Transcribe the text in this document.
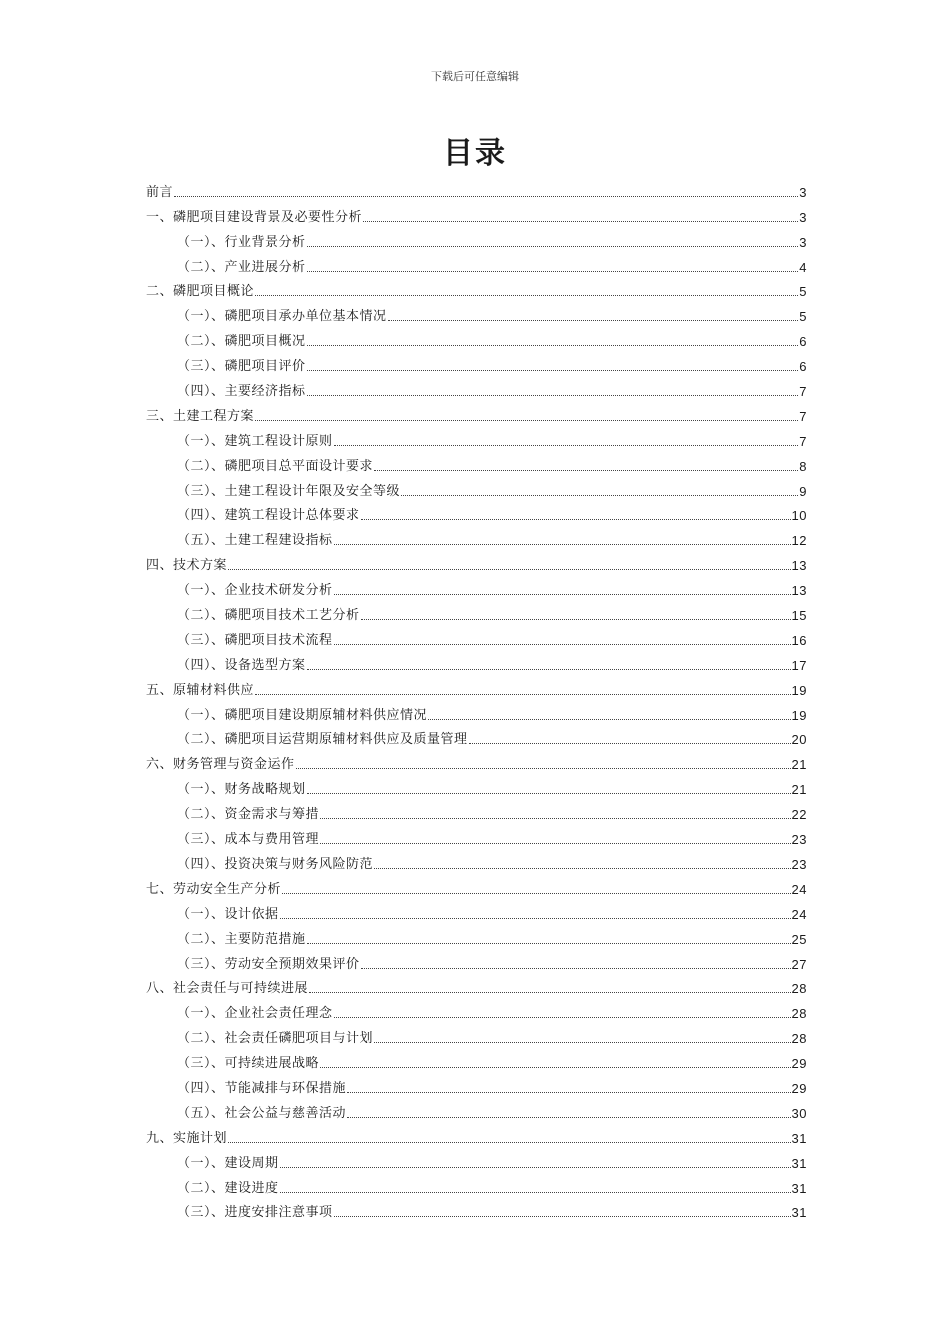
下载后可任意编辑
目录
前言	3
一、磷肥项目建设背景及必要性分析	3
（一）、行业背景分析	3
（二）、产业进展分析	4
二、磷肥项目概论	5
（一）、磷肥项目承办单位基本情况	5
（二）、磷肥项目概况	6
（三）、磷肥项目评价	6
（四）、主要经济指标	7
三、土建工程方案	7
（一）、建筑工程设计原则	7
（二）、磷肥项目总平面设计要求	8
（三）、土建工程设计年限及安全等级	9
（四）、建筑工程设计总体要求	10
（五）、土建工程建设指标	12
四、技术方案	13
（一）、企业技术研发分析	13
（二）、磷肥项目技术工艺分析	15
（三）、磷肥项目技术流程	16
（四）、设备选型方案	17
五、原辅材料供应	19
（一）、磷肥项目建设期原辅材料供应情况	19
（二）、磷肥项目运营期原辅材料供应及质量管理	20
六、财务管理与资金运作	21
（一）、财务战略规划	21
（二）、资金需求与筹措	22
（三）、成本与费用管理	23
（四）、投资决策与财务风险防范	23
七、劳动安全生产分析	24
（一）、设计依据	24
（二）、主要防范措施	25
（三）、劳动安全预期效果评价	27
八、社会责任与可持续进展	28
（一）、企业社会责任理念	28
（二）、社会责任磷肥项目与计划	28
（三）、可持续进展战略	29
（四）、节能减排与环保措施	29
（五）、社会公益与慈善活动	30
九、实施计划	31
（一）、建设周期	31
（二）、建设进度	31
（三）、进度安排注意事项	31
